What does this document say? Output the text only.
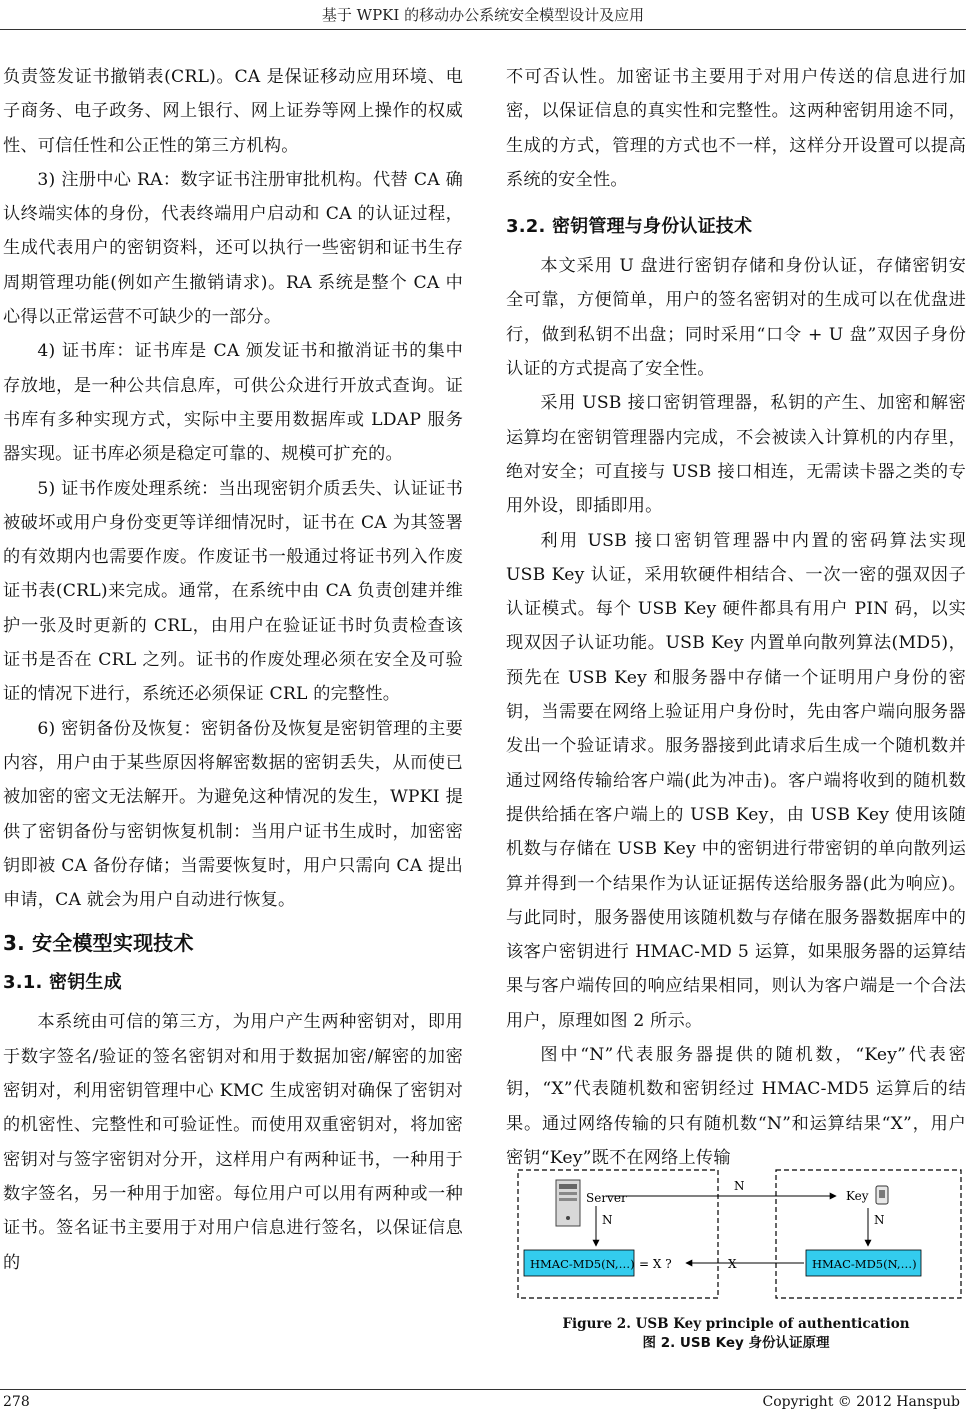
基于 WPKI 的移动办公系统安全模型设计及应用

负责签发证书撤销表(CRL)。CA 是保证移动应用环境、电子商务、电子政务、网上银行、网上证券等网上操作的权威性、可信任性和公正性的第三方机构。

3) 注册中心 RA：数字证书注册审批机构。代替 CA 确认终端实体的身份，代表终端用户启动和 CA 的认证过程，生成代表用户的密钥资料，还可以执行一些密钥和证书生存周期管理功能(例如产生撤销请求)。RA 系统是整个 CA 中心得以正常运营不可缺少的一部分。

4) 证书库：证书库是 CA 颁发证书和撤消证书的集中存放地，是一种公共信息库，可供公众进行开放式查询。证书库有多种实现方式，实际中主要用数据库或 LDAP 服务器实现。证书库必须是稳定可靠的、规模可扩充的。

5) 证书作废处理系统：当出现密钥介质丢失、认证证书被破坏或用户身份变更等详细情况时，证书在 CA 为其签署的有效期内也需要作废。作废证书一般通过将证书列入作废证书表(CRL)来完成。通常，在系统中由 CA 负责创建并维护一张及时更新的 CRL，由用户在验证证书时负责检查该证书是否在 CRL 之列。证书的作废处理必须在安全及可验证的情况下进行，系统还必须保证 CRL 的完整性。

6) 密钥备份及恢复：密钥备份及恢复是密钥管理的主要内容，用户由于某些原因将解密数据的密钥丢失，从而使已被加密的密文无法解开。为避免这种情况的发生，WPKI 提供了密钥备份与密钥恢复机制：当用户证书生成时，加密密钥即被 CA 备份存储；当需要恢复时，用户只需向 CA 提出申请，CA 就会为用户自动进行恢复。

3. 安全模型实现技术
3.1. 密钥生成

本系统由可信的第三方，为用户产生两种密钥对，即用于数字签名/验证的签名密钥对和用于数据加密/解密的加密密钥对，利用密钥管理中心 KMC 生成密钥对确保了密钥对的机密性、完整性和可验证性。而使用双重密钥对，将加密密钥对与签字密钥对分开，这样用户有两种证书，一种用于数字签名，另一种用于加密。每位用户可以用有两种或一种证书。签名证书主要用于对用户信息进行签名，以保证信息的

不可否认性。加密证书主要用于对用户传送的信息进行加密，以保证信息的真实性和完整性。这两种密钥用途不同，生成的方式，管理的方式也不一样，这样分开设置可以提高系统的安全性。

3.2. 密钥管理与身份认证技术

本文采用 U 盘进行密钥存储和身份认证，存储密钥安全可靠，方便简单，用户的签名密钥对的生成可以在优盘进行，做到私钥不出盘；同时采用“口令 + U 盘”双因子身份认证的方式提高了安全性。

采用 USB 接口密钥管理器，私钥的产生、加密和解密运算均在密钥管理器内完成，不会被读入计算机的内存里，绝对安全；可直接与 USB 接口相连，无需读卡器之类的专用外设，即插即用。

利用 USB 接口密钥管理器中内置的密码算法实现 USB Key 认证，采用软硬件相结合、一次一密的强双因子认证模式。每个 USB Key 硬件都具有用户 PIN 码，以实现双因子认证功能。USB Key 内置单向散列算法(MD5)，预先在 USB Key 和服务器中存储一个证明用户身份的密钥，当需要在网络上验证用户身份时，先由客户端向服务器发出一个验证请求。服务器接到此请求后生成一个随机数并通过网络传输给客户端(此为冲击)。客户端将收到的随机数提供给插在客户端上的 USB Key，由 USB Key 使用该随机数与存储在 USB Key 中的密钥进行带密钥的单向散列运算并得到一个结果作为认证证据传送给服务器(此为响应)。与此同时，服务器使用该随机数与存储在服务器数据库中的该客户密钥进行 HMAC-MD 5 运算，如果服务器的运算结果与客户端传回的响应结果相同，则认为客户端是一个合法用户，原理如图 2 所示。

图中“N”代表服务器提供的随机数，“Key”代表密钥，“X”代表随机数和密钥经过 HMAC-MD5 运算后的结果。通过网络传输的只有随机数“N”和运算结果“X”，用户密钥“Key”既不在网络上传输

Server
N
Key
N
N
HMAC-MD5(N,…)	HMAC-MD5(N,…)
= X ?	X
Figure 2. USB Key principle of authentication
图 2. USB Key 身份认证原理
278	Copyright © 2012 Hanspub
